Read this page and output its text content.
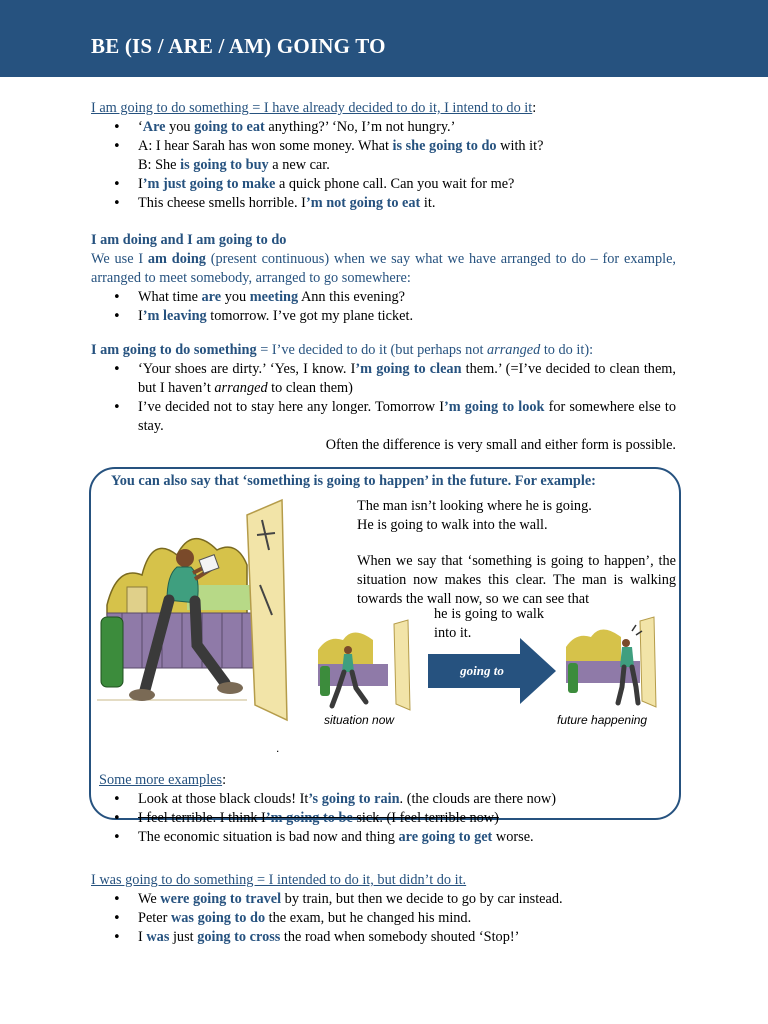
BE (IS / ARE / AM) GOING TO

I am going to do something = I have already decided to do it, I intend to do it:

• ‘Are you going to eat anything?’ ‘No, I’m not hungry.’
• A: I hear Sarah has won some money. What is she going to do with it?
B: She is going to buy a new car.
• I’m just going to make a quick phone call. Can you wait for me?
• This cheese smells horrible. I’m not going to eat it.

I am doing and I am going to do

We use I am doing (present continuous) when we say what we have arranged to do – for example, arranged to meet somebody, arranged to go somewhere:

• What time are you meeting Ann this evening?
• I’m leaving tomorrow. I’ve got my plane ticket.

I am going to do something = I’ve decided to do it (but perhaps not arranged to do it):

• ‘Your shoes are dirty.’ ‘Yes, I know. I’m going to clean them.’ (=I’ve decided to clean them, but I haven’t arranged to clean them)
• I’ve decided not to stay here any longer. Tomorrow I’m going to look for somewhere else to stay.

Often the difference is very small and either form is possible.

You can also say that ‘something is going to happen’ in the future. For example:

The man isn’t looking where he is going.

He is going to walk into the wall.

When we say that ‘something is going to happen’, the situation now makes this clear. The man is walking towards the wall now, so we can see that

he is going to walk into it.
.
situation now
going to
future happening

Some more examples:

• Look at those black clouds! It’s going to rain. (the clouds are there now)
• I feel terrible. I think I’m going to be sick. (I feel terrible now)
• The economic situation is bad now and thing are going to get worse.

I was going to do something = I intended to do it, but didn’t do it.

• We were going to travel by train, but then we decide to go by car instead.
• Peter was going to do the exam, but he changed his mind.
• I was just going to cross the road when somebody shouted ‘Stop!’
